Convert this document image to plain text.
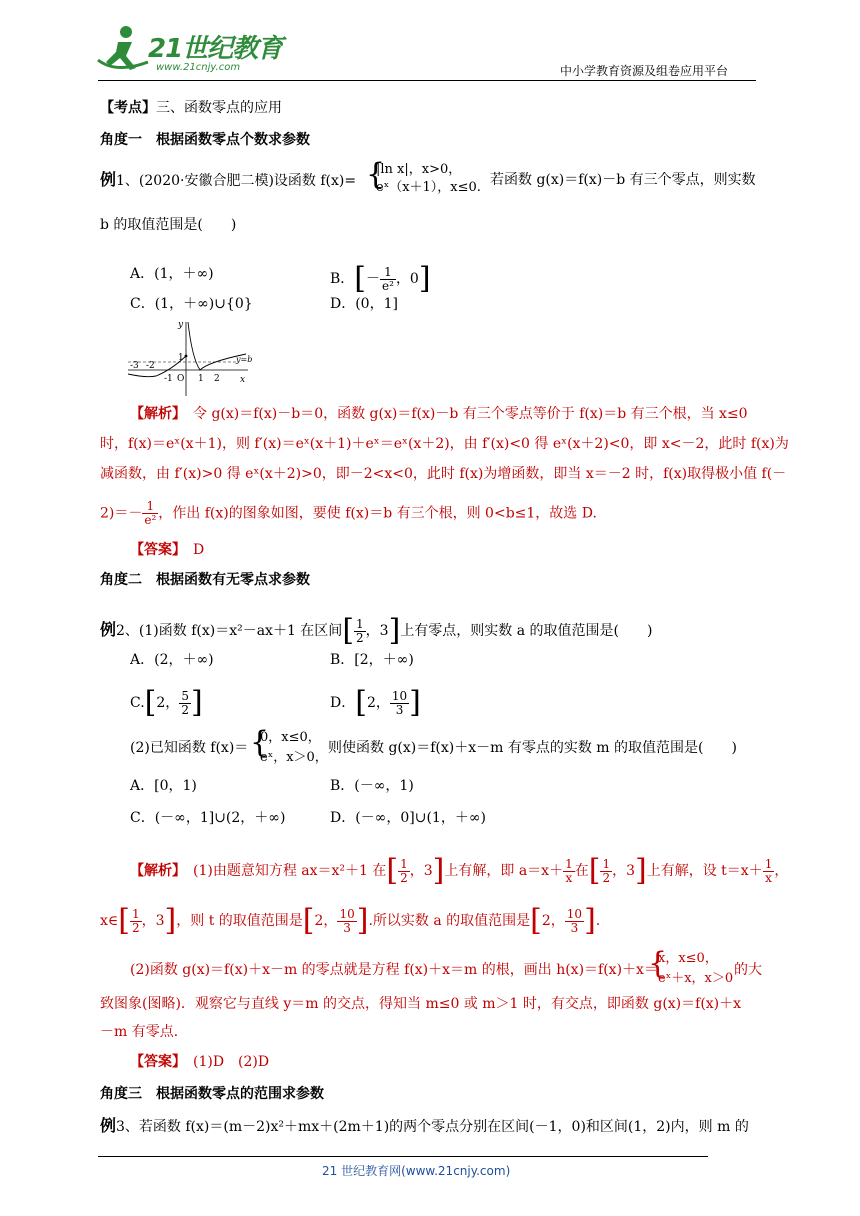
21世纪教育
www.21cnjy.com	中小学教育资源及组卷应用平台
【考点】三、函数零点的应用
角度一　根据函数零点个数求参数
例1、(2020·安徽合肥二模)设函数 f(x)= {
|ln x|，x>0，
eˣ（x＋1），x≤0. 若函数 g(x)＝f(x)－b 有三个零点，则实数
b 的取值范围是(　　)
A．(1，＋∞)	B．[－ $\frac{1}{\text{e²}}$ ，0]
C．(1，＋∞)∪{0}	D．(0，1]
y
x
y=b
1
-3 -2
-1 O 1 2
【解析】　 令 g(x)＝f(x)－b＝0，函数 g(x)＝f(x)－b 有三个零点等价于 f(x)＝b 有三个根，当 x≤0
时，f(x)＝eˣ(x＋1)，则 f′(x)＝eˣ(x＋1)＋eˣ＝eˣ(x＋2)，由 f′(x)<0 得 eˣ(x＋2)<0，即 x<－2，此时 f(x)为
减函数，由 f′(x)>0 得 eˣ(x＋2)>0，即－2<x<0，此时 f(x)为增函数，即当 x＝－2 时，f(x)取得极小值 f(－
$2)=- \frac{1}{\text{e²}}$ ，作出 f(x)的图象如图，要使 f(x)＝b 有三个根，则 0<b≤1，故选 D.
【答案】　 D
角度二　根据函数有无零点求参数
例2、(1)函数 f(x)＝x²－ax＋1 在区间[ $\frac{1}{2}$ ，3]上有零点，则实数 a 的取值范围是(　　)
A．(2，＋∞)	B．[2，＋∞)
C.[2， $\frac{5}{2}$ ]	D．[2， $\frac{10}{3}$ ]
(2)已知函数 f(x)＝ {
0，x≤0，
eˣ，x＞0，
则使函数 g(x)＝f(x)＋x－m 有零点的实数 m 的取值范围是(　　)
A．[0，1)	B．(－∞，1)
C．(－∞，1]∪(2，＋∞)	D．(－∞，0]∪(1，＋∞)
【解析】　 (1)由题意知方程 ax＝x²＋1 在[ $\frac{1}{2}$ ，3]上有解，即 $a=x+ \frac{1}{x}$ 在[ $\frac{1}{2}$ ，3]上有解，设 $t=x+ \frac{1}{x}$ ，
x∈[ $\frac{1}{2}$ ，3]，则 t 的取值范围是[2， $\frac{10}{3}$ ].所以实数 a 的取值范围是[2， $\frac{10}{3}$ ].
(2)函数 g(x)＝f(x)＋x－m 的零点就是方程 f(x)＋x＝m 的根，画出 h(x)＝f(x)＋x＝
{
x，x≤0，
eˣ＋x，x＞0
的大
致图象(图略)．观察它与直线 y＝m 的交点，得知当 m≤0 或 m＞1 时，有交点，即函数 g(x)＝f(x)＋x
－m 有零点．
【答案】　 (1)D　(2)D
角度三　根据函数零点的范围求参数
例3、若函数 f(x)＝(m－2)x²＋mx＋(2m＋1)的两个零点分别在区间(－1，0)和区间(1，2)内，则 m 的
21 世纪教育网(www.21cnjy.com)
